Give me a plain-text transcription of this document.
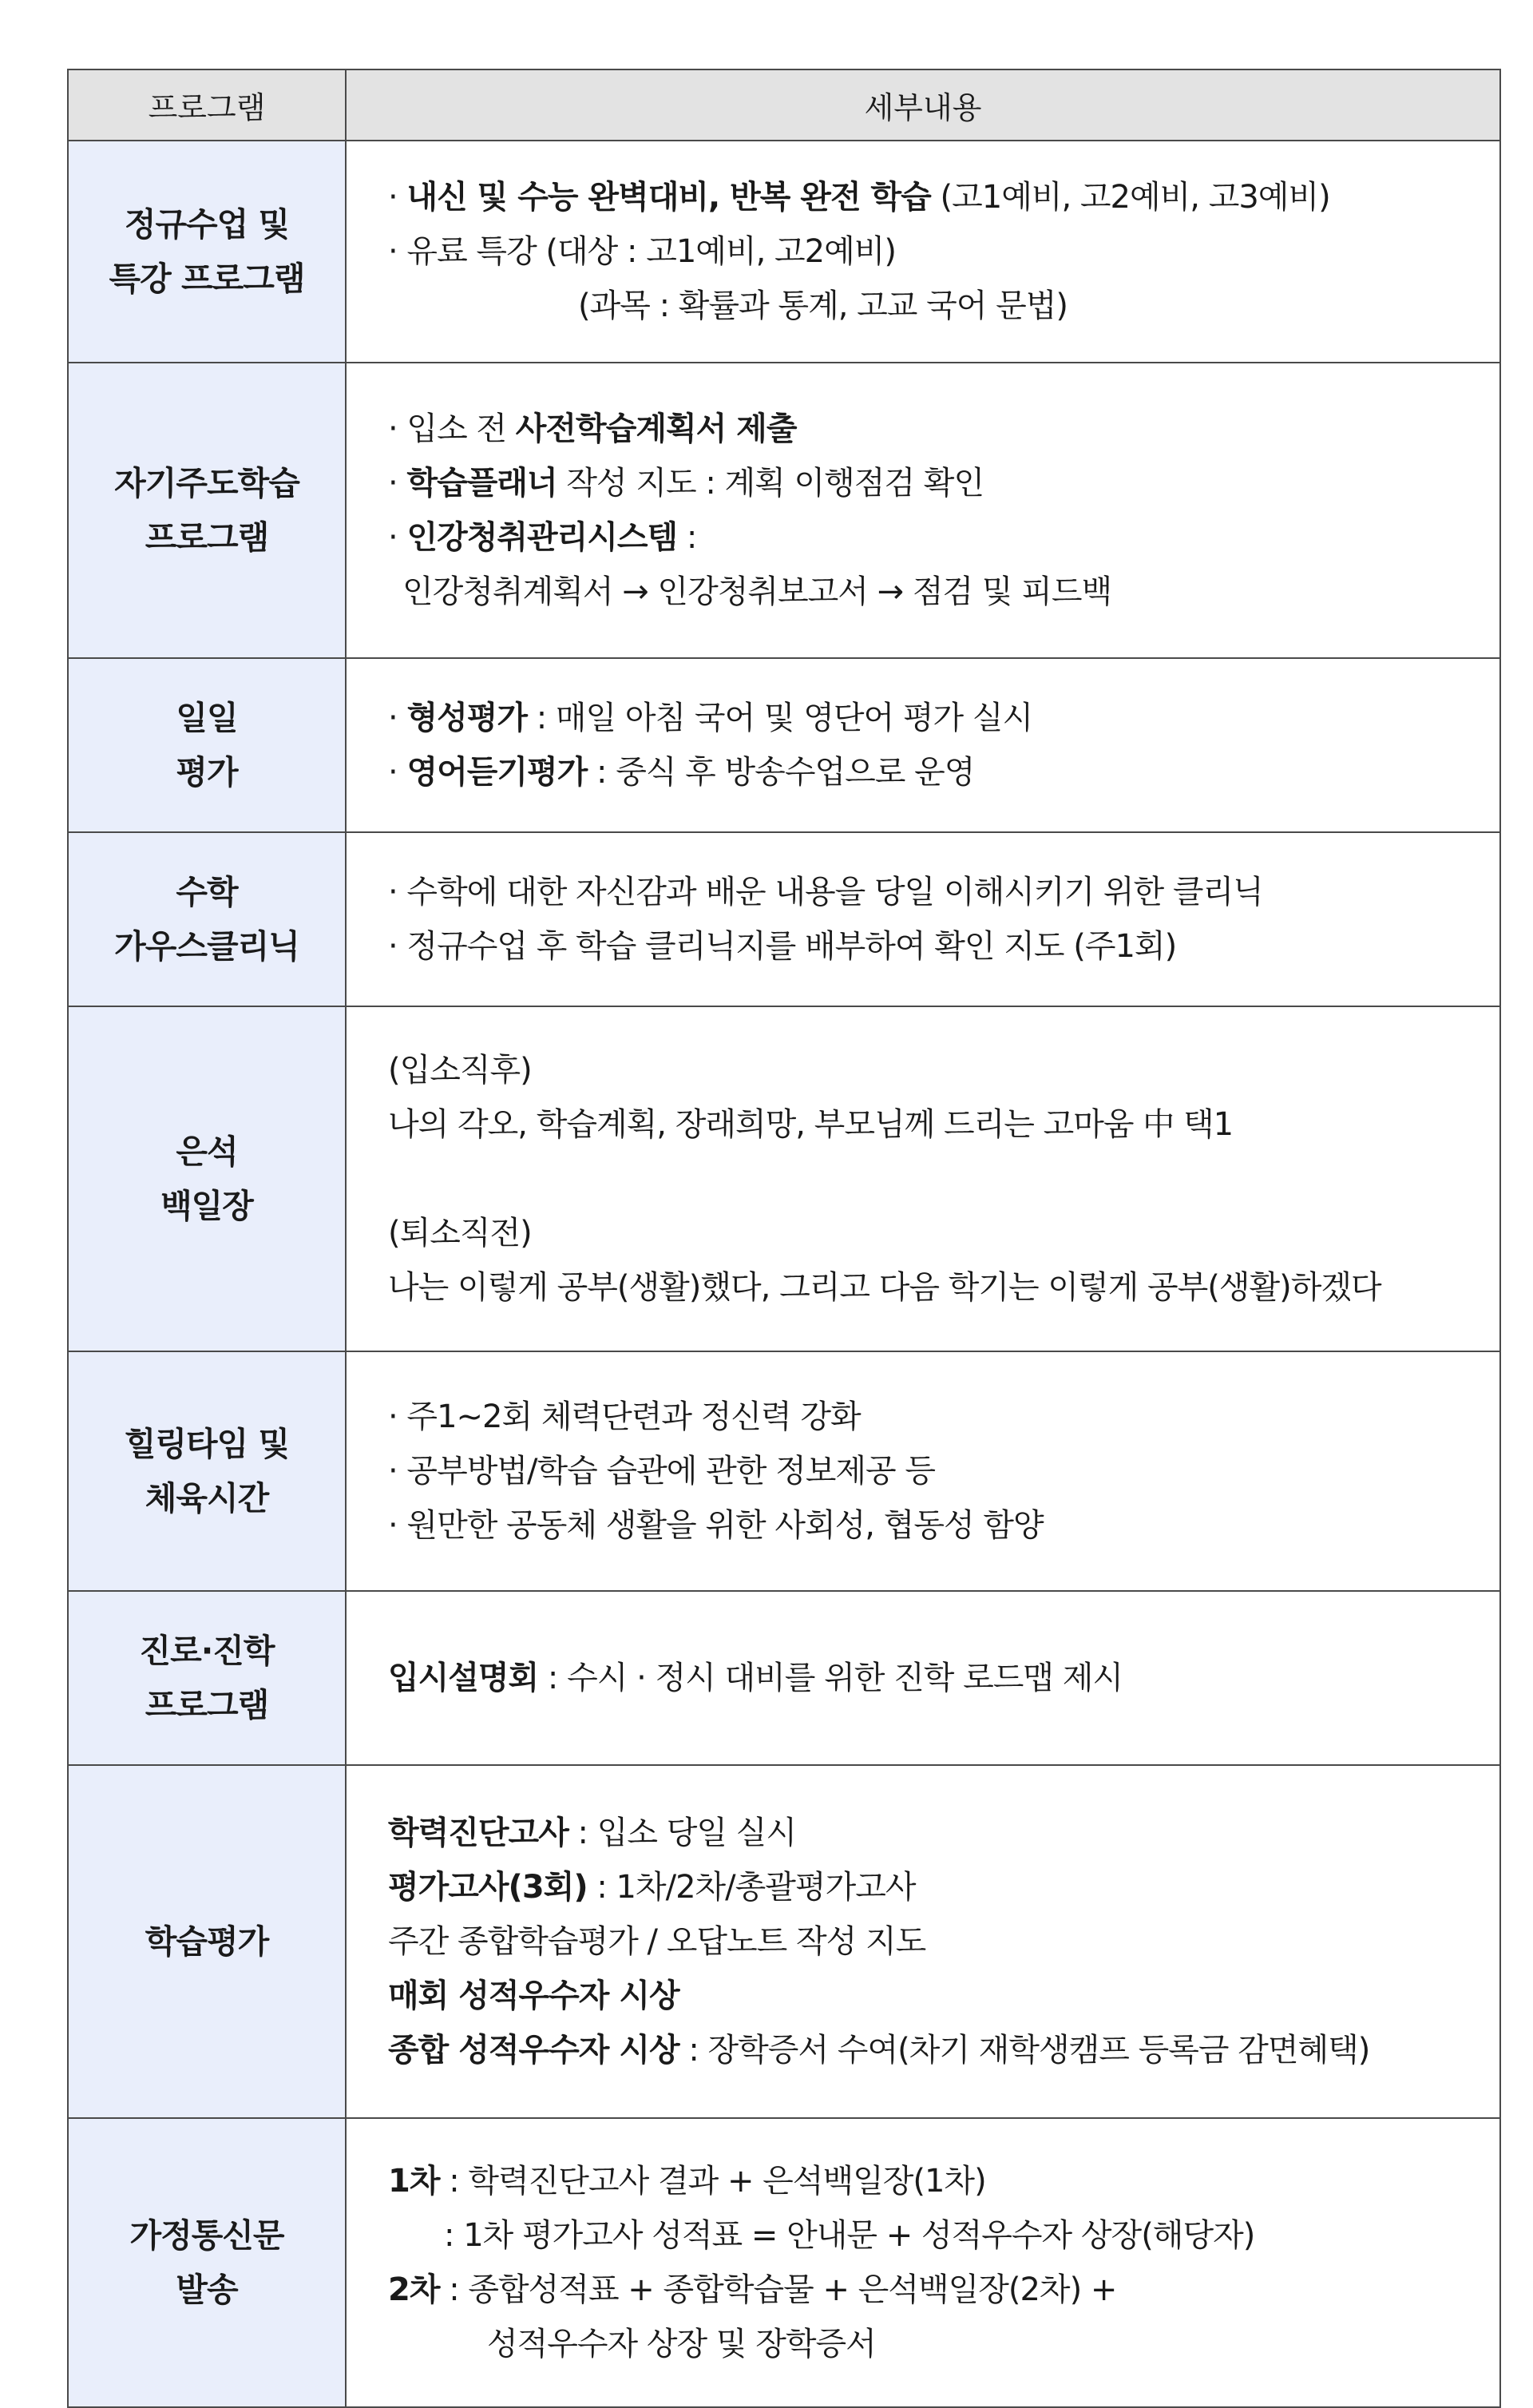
프로그램	세부내용

정규수업 및
특강 프로그램	· 내신 및 수능 완벽대비, 반복 완전 학습 (고1예비, 고2예비, 고3예비)
· 유료 특강 (대상 : 고1예비, 고2예비)
(과목 : 확률과 통계, 고교 국어 문법)

자기주도학습
프로그램	· 입소 전 사전학습계획서 제출
· 학습플래너 작성 지도 : 계획 이행점검 확인
· 인강청취관리시스템 :
인강청취계획서 → 인강청취보고서 → 점검 및 피드백

일일
평가	· 형성평가 : 매일 아침 국어 및 영단어 평가 실시
· 영어듣기평가 : 중식 후 방송수업으로 운영

수학
가우스클리닉	· 수학에 대한 자신감과 배운 내용을 당일 이해시키기 위한 클리닉
· 정규수업 후 학습 클리닉지를 배부하여 확인 지도 (주1회)

은석
백일장	(입소직후)
나의 각오, 학습계획, 장래희망, 부모님께 드리는 고마움 中 택1
(퇴소직전)
나는 이렇게 공부(생활)했다, 그리고 다음 학기는 이렇게 공부(생활)하겠다

힐링타임 및
체육시간	· 주1~2회 체력단련과 정신력 강화
· 공부방법/학습 습관에 관한 정보제공 등
· 원만한 공동체 생활을 위한 사회성, 협동성 함양

진로·진학
프로그램	입시설명회 : 수시 · 정시 대비를 위한 진학 로드맵 제시

학습평가	학력진단고사 : 입소 당일 실시
평가고사(3회) : 1차/2차/총괄평가고사
주간 종합학습평가 / 오답노트 작성 지도
매회 성적우수자 시상
종합 성적우수자 시상 : 장학증서 수여(차기 재학생캠프 등록금 감면혜택)

가정통신문
발송	1차 : 학력진단고사 결과 + 은석백일장(1차)
: 1차 평가고사 성적표 = 안내문 + 성적우수자 상장(해당자)
2차 : 종합성적표 + 종합학습물 + 은석백일장(2차) +
성적우수자 상장 및 장학증서
